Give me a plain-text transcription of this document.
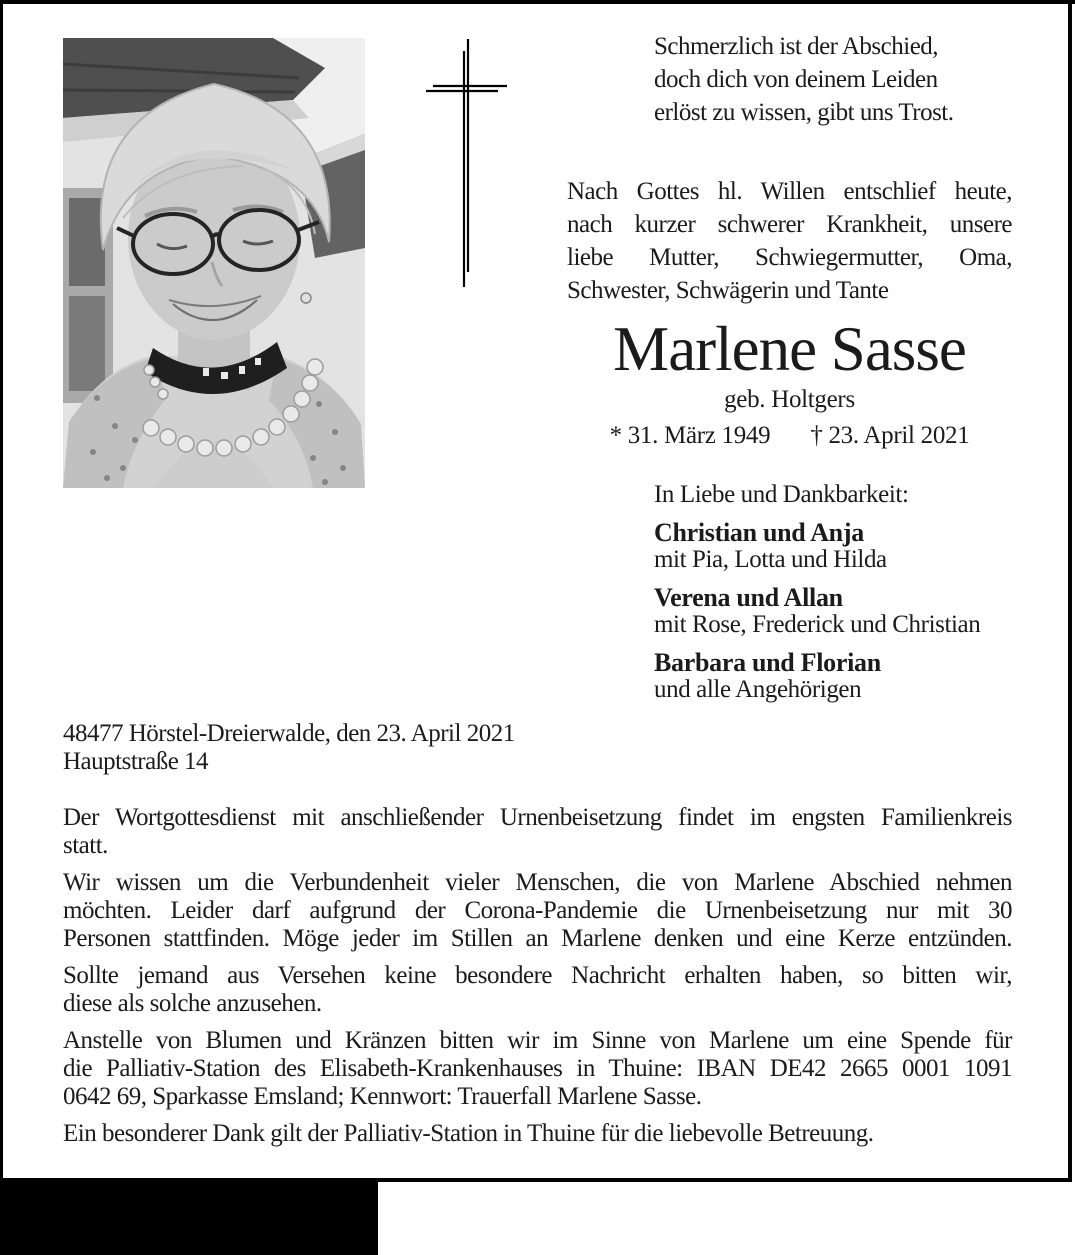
Schmerzlich ist der Abschied,
doch dich von deinem Leiden
erlöst zu wissen, gibt uns Trost.
Nach Gottes hl. Willen entschlief heute,
nach kurzer schwerer Krankheit, unsere
liebe Mutter, Schwiegermutter, Oma,
Schwester, Schwägerin und Tante
Marlene Sasse
geb. Holtgers
* 31. März 1949 † 23. April 2021
In Liebe und Dankbarkeit:
Christian und Anja
mit Pia, Lotta und Hilda
Verena und Allan
mit Rose, Frederick und Christian
Barbara und Florian
und alle Angehörigen
48477 Hörstel-Dreierwalde, den 23. April 2021
Hauptstraße 14

Der Wortgottesdienst mit anschließender Urnenbeisetzung findet im engsten Familienkreis
statt.

Wir wissen um die Verbundenheit vieler Menschen, die von Marlene Abschied nehmen
möchten. Leider darf aufgrund der Corona-Pandemie die Urnenbeisetzung nur mit 30
Personen stattfinden. Möge jeder im Stillen an Marlene denken und eine Kerze entzünden.

Sollte jemand aus Versehen keine besondere Nachricht erhalten haben, so bitten wir,
diese als solche anzusehen.

Anstelle von Blumen und Kränzen bitten wir im Sinne von Marlene um eine Spende für
die Palliativ-Station des Elisabeth-Krankenhauses in Thuine: IBAN DE42 2665 0001 1091
0642 69, Sparkasse Emsland; Kennwort: Trauerfall Marlene Sasse.

Ein besonderer Dank gilt der Palliativ-Station in Thuine für die liebevolle Betreuung.
